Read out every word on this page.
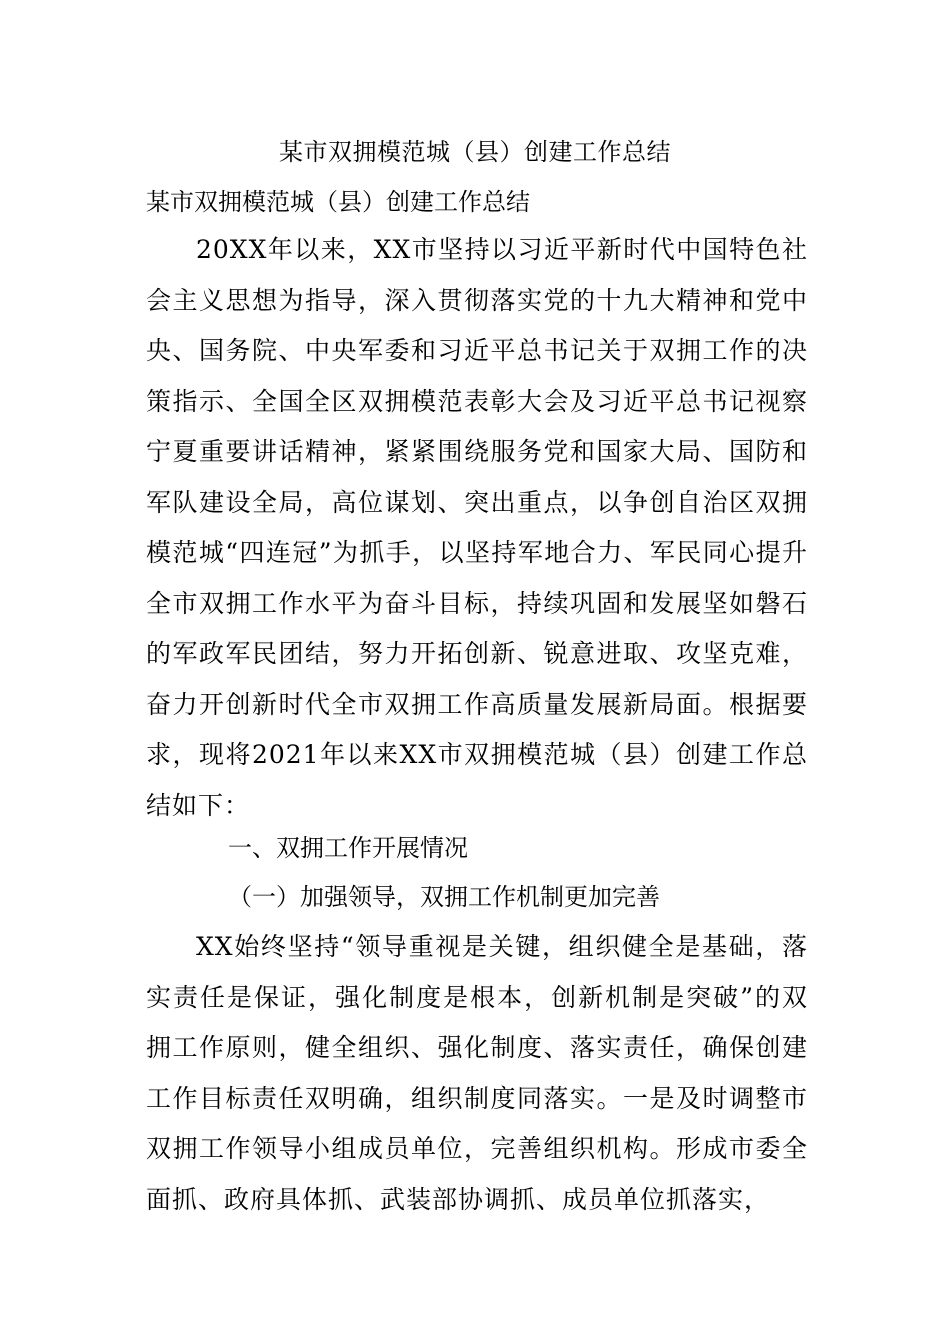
某市双拥模范城（县）创建工作总结

某市双拥模范城（县）创建工作总结

20XX年以来，XX市坚持以习近平新时代中国特色社会主义思想为指导，深入贯彻落实党的十九大精神和党中央、国务院、中央军委和习近平总书记关于双拥工作的决策指示、全国全区双拥模范表彰大会及习近平总书记视察宁夏重要讲话精神，紧紧围绕服务党和国家大局、国防和军队建设全局，高位谋划、突出重点，以争创自治区双拥模范城“四连冠”为抓手，以坚持军地合力、军民同心提升全市双拥工作水平为奋斗目标，持续巩固和发展坚如磐石的军政军民团结，努力开拓创新、锐意进取、攻坚克难，奋力开创新时代全市双拥工作高质量发展新局面。根据要求，现将2021年以来XX市双拥模范城（县）创建工作总结如下：

一、双拥工作开展情况
（一）加强领导，双拥工作机制更加完善

XX始终坚持“领导重视是关键，组织健全是基础，落实责任是保证，强化制度是根本，创新机制是突破”的双拥工作原则，健全组织、强化制度、落实责任，确保创建工作目标责任双明确，组织制度同落实。一是及时调整市双拥工作领导小组成员单位，完善组织机构。形成市委全面抓、政府具体抓、武装部协调抓、成员单位抓落实，
